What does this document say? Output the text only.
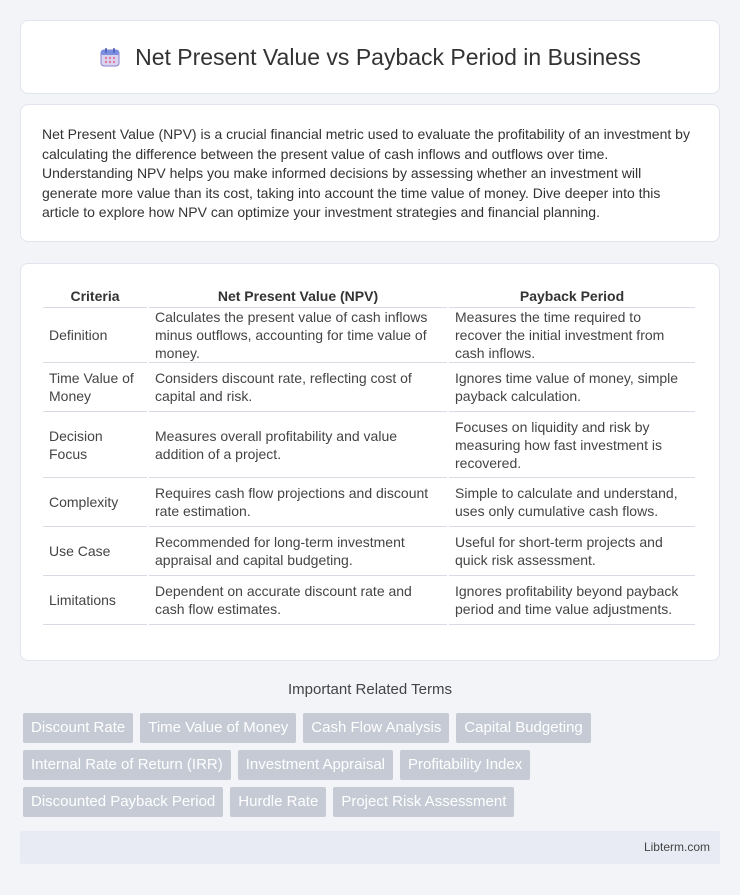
Net Present Value vs Payback Period in Business

Net Present Value (NPV) is a crucial financial metric used to evaluate the profitability of an investment by calculating the difference between the present value of cash inflows and outflows over time. Understanding NPV helps you make informed decisions by assessing whether an investment will generate more value than its cost, taking into account the time value of money. Dive deeper into this article to explore how NPV can optimize your investment strategies and financial planning.

Criteria	Net Present Value (NPV)	Payback Period
Definition	Calculates the present value of cash inflows minus outflows, accounting for time value of money.	Measures the time required to recover the initial investment from cash inflows.
Time Value of Money	Considers discount rate, reflecting cost of capital and risk.	Ignores time value of money, simple payback calculation.
Decision Focus	Measures overall profitability and value addition of a project.	Focuses on liquidity and risk by measuring how fast investment is recovered.
Complexity	Requires cash flow projections and discount rate estimation.	Simple to calculate and understand, uses only cumulative cash flows.
Use Case	Recommended for long-term investment appraisal and capital budgeting.	Useful for short-term projects and quick risk assessment.
Limitations	Dependent on accurate discount rate and cash flow estimates.	Ignores profitability beyond payback period and time value adjustments.
Important Related Terms
Discount Rate	Time Value of Money	Cash Flow Analysis	Capital Budgeting
Internal Rate of Return (IRR)	Investment Appraisal	Profitability Index
Discounted Payback Period	Hurdle Rate	Project Risk Assessment
Libterm.com
